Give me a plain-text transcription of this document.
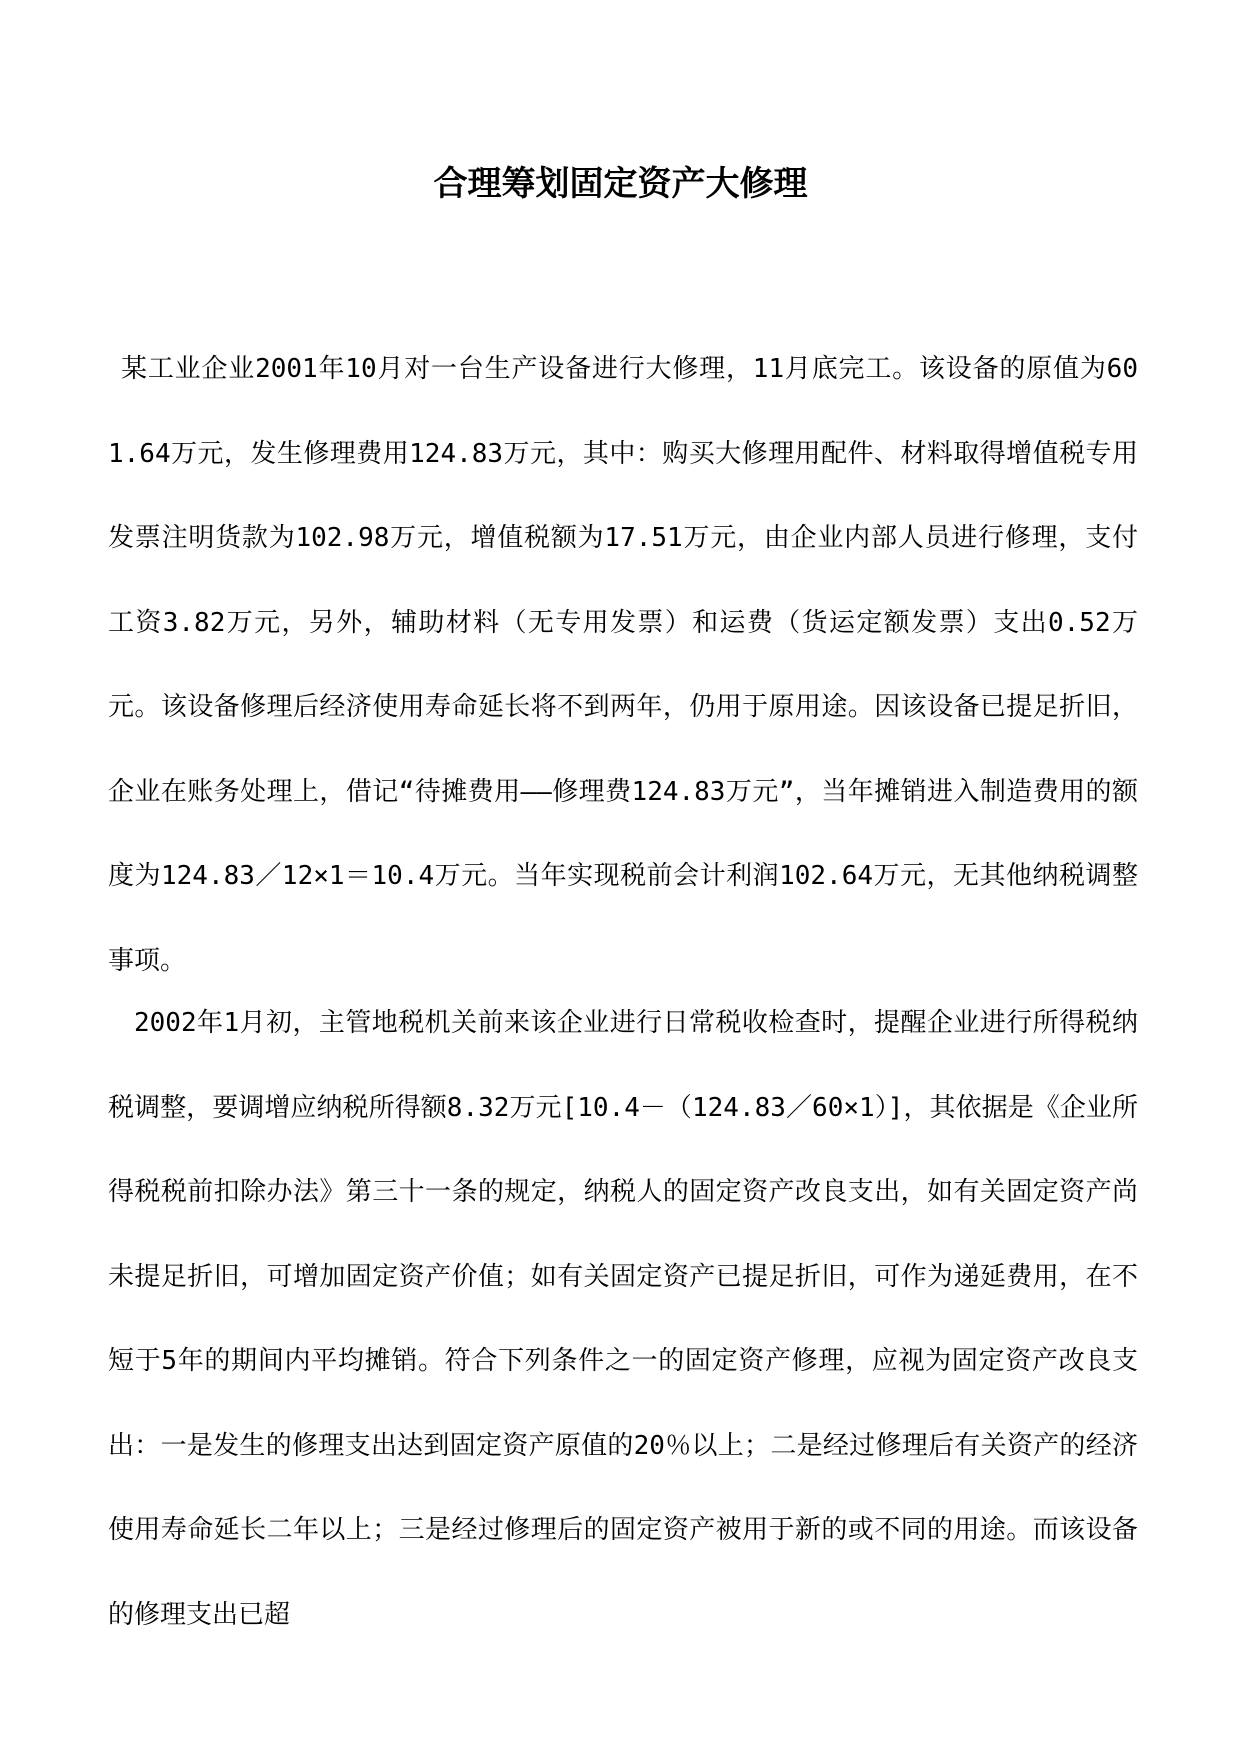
合理筹划固定资产大修理

某工业企业2001年10月对一台生产设备进行大修理，11月底完工。该设备的原值为601.64万元，发生修理费用124.83万元，其中：购买大修理用配件、材料取得增值税专用发票注明货款为102.98万元，增值税额为17.51万元，由企业内部人员进行修理，支付工资3.82万元，另外，辅助材料（无专用发票）和运费（货运定额发票）支出0.52万元。该设备修理后经济使用寿命延长将不到两年，仍用于原用途。因该设备已提足折旧，企业在账务处理上，借记“待摊费用——修理费124.83万元”，当年摊销进入制造费用的额度为124.83／12×1＝10.4万元。当年实现税前会计利润102.64万元，无其他纳税调整事项。

2002年1月初，主管地税机关前来该企业进行日常税收检查时，提醒企业进行所得税纳税调整，要调增应纳税所得额8.32万元[10.4－（124.83／60×1）]，其依据是《企业所得税税前扣除办法》第三十一条的规定，纳税人的固定资产改良支出，如有关固定资产尚未提足折旧，可增加固定资产价值；如有关固定资产已提足折旧，可作为递延费用，在不短于5年的期间内平均摊销。符合下列条件之一的固定资产修理，应视为固定资产改良支出：一是发生的修理支出达到固定资产原值的20％以上；二是经过修理后有关资产的经济使用寿命延长二年以上；三是经过修理后的固定资产被用于新的或不同的用途。而该设备的修理支出已超
